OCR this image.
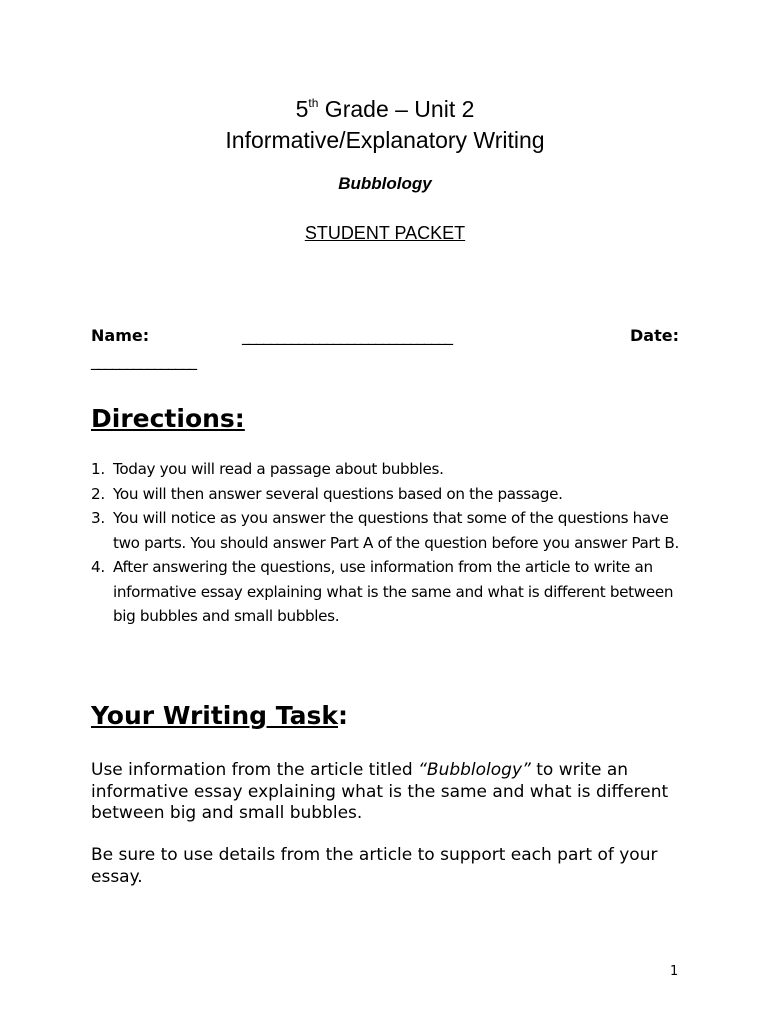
5th Grade – Unit 2
Informative/Explanatory Writing
Bubblology
STUDENT PACKET
Name:	______________________________	Date:
_______________
Directions:
1. Today you will read a passage about bubbles.
2. You will then answer several questions based on the passage.
3. You will notice as you answer the questions that some of the questions have two parts. You should answer Part A of the question before you answer Part B.
4. After answering the questions, use information from the article to write an informative essay explaining what is the same and what is different between big bubbles and small bubbles.
Your Writing Task:
Use information from the article titled “Bubblology” to write an informative essay explaining what is the same and what is different between big and small bubbles.
Be sure to use details from the article to support each part of your essay.
1
